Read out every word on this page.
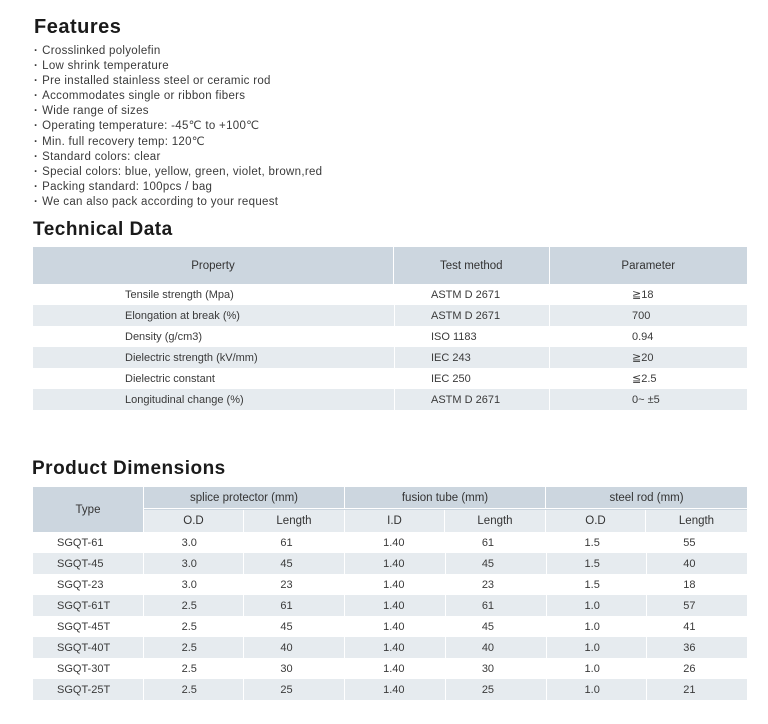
Features
· Crosslinked polyolefin
· Low shrink temperature
· Pre installed stainless steel or ceramic rod
· Accommodates single or ribbon fibers
· Wide range of sizes
· Operating temperature: -45℃ to +100℃
· Min. full recovery temp: 120℃
· Standard colors: clear
· Special colors: blue, yellow, green, violet, brown,red
· Packing standard: 100pcs / bag
· We can also pack according to your request
Technical Data
Property	Test method	Parameter
Tensile strength (Mpa)	ASTM D 2671	≧18
Elongation at break (%)	ASTM D 2671	700
Density (g/cm3)	ISO 1183	0.94
Dielectric strength (kV/mm)	IEC 243	≧20
Dielectric constant	IEC 250	≦2.5
Longitudinal change (%)	ASTM D 2671	0~ ±5
Product Dimensions
Type
splice protector (mm)	fusion tube (mm)	steel rod (mm)
O.D	Length	I.D	Length	O.D	Length
SGQT-61	3.0	61	1.40	61	1.5	55
SGQT-45	3.0	45	1.40	45	1.5	40
SGQT-23	3.0	23	1.40	23	1.5	18
SGQT-61T	2.5	61	1.40	61	1.0	57
SGQT-45T	2.5	45	1.40	45	1.0	41
SGQT-40T	2.5	40	1.40	40	1.0	36
SGQT-30T	2.5	30	1.40	30	1.0	26
SGQT-25T	2.5	25	1.40	25	1.0	21
